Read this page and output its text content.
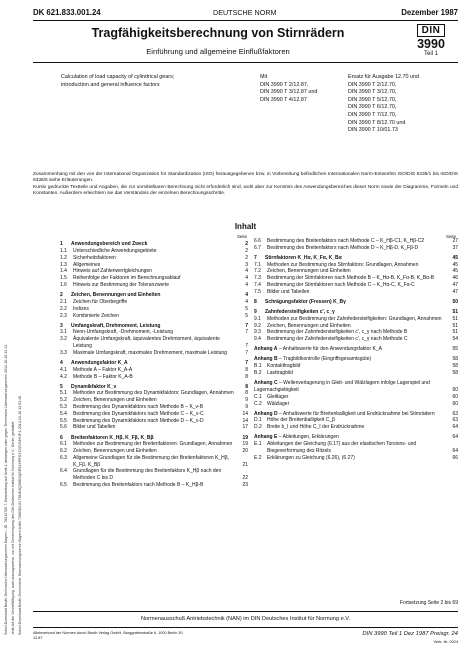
Sofort-Download Beuth-Technische Uberwachungsverein Bayern - ID: 76012700 7. Bearbeitung auf Seite 1 deswegen oder gegen Technische Uberwachungsverein 2012-10-19 12 43 Jede Art der Vervielfältigung, auch auszugsweise, nur mit Genehmigung des DIN Deutsches Institut für Normung e.V., Berlin, gestattet. Sofort-Download-Beuth-Technischer Überwachungsverein Bayern-KdNr.7366383-ID.T8NE2Q3WB3QSR94XPRSYZ4GVNHUF.4-2013-10-16 13:51:48
DK 621.833.001.24	DEUTSCHE NORM	Dezember 1987
Tragfähigkeitsberechnung von Stirnrädern
Einführung und allgemeine Einflußfaktoren
DIN
3990
Teil 1
Calculation of load capacity of cylindrical gears;
introduction and general influence factors
Mit
DIN 3990 T 2/12.87,
DIN 3990 T 3/12.87 und
DIN 3990 T 4/12.87
Ersatz für Ausgabe 12.70 und
DIN 3990 T 2/12.70,
DIN 3990 T 3/12.70,
DIN 3990 T 5/12.70,
DIN 3990 T 6/12.70,
DIN 3990 T 7/12.70,
DIN 3990 T 8/12.70 und
DIN 3990 T 10/01.73

Zusammenhang mit den von der International Organization for Standardization (ISO) herausgegebenen bzw. in Vorbereitung befindlichen Internationalen Norm-Entwürfen ISO/DIS 6336/1 bis ISO/DIS 6336/5 siehe Erläuterungen.

Kursiv gedruckte Textteile und Angaben, die zur unmittelbaren Berechnung nicht erforderlich sind, wohl aber zur Kenntnis des Anwendungsbereiches dieser Norm sowie der Diagramme, Formeln und Konstanten. Außerdem erleichtern sie das Verständnis der einzelnen Berechnungsschritte.

Inhalt
Seite	Seite
1	Anwendungsbereich und Zweck	2
1.1	Unterschiedliche Anwendungsgebiete	2
1.2	Sicherheitsfaktoren	2
1.3	Allgemeines	3
1.4	Hinweis auf Zahlenwertgleichungen	4
1.5	Reihenfolge der Faktoren im Berechnungsablauf	4
1.6	Hinweis zur Bestimmung der Toleranzwerte	4
2	Zeichen, Benennungen und Einheiten	4
2.1	Zeichen für Oberbegriffe	4
2.2	Indizes	5
2.3	Kombinierte Zeichen	5
3	Umfangskraft, Drehmoment, Leistung	7
3.1	Nenn-Umfangskraft, -Drehmoment, -Leistung	7
3.2	Äquivalente Umfangskraft, äquivalentes Drehmoment, äquivalente Leistung	7
3.3	Maximale Umfangskraft, maximales Drehmoment, maximale Leistung	7
4	Anwendungsfaktor K_A	7
4.1	Methode A – Faktor K_A-A	8
4.2	Methode B – Faktor K_A-B	8
5	Dynamikfaktor K_v	8
5.1	Methoden zur Bestimmung des Dynamikfaktors: Grundlagen, Annahmen	8
5.2	Zeichen, Benennungen und Einheiten	9
5.3	Bestimmung des Dynamikfaktors nach Methode B – K_v-B	9
5.4	Bestimmung des Dynamikfaktors nach Methode C – K_v-C	14
5.5	Bestimmung des Dynamikfaktors nach Methode D – K_v-D	14
5.6	Bilder und Tabellen	17
6	Breitenfaktoren K_Hβ, K_Fβ, K_Bβ	19
6.1	Methoden zur Bestimmung der Breitenfaktoren: Grundlagen, Annahmen	19
6.2	Zeichen, Benennungen und Einheiten	20
6.3	Allgemeine Grundlagen für die Bestimmung der Breitenfaktoren K_Hβ, K_Fβ, K_Bβ	21
6.4	Grundlagen für die Bestimmung des Breitenfaktors K_Hβ nach den Methoden C bis D	22
6.5	Bestimmung des Breitenfaktors nach Methode B – K_Hβ-B	23
6.6	Bestimmung des Breitenfaktors nach Methode C – K_Hβ-C1, K_Hβ-C2	27
6.7	Bestimmung des Breitenfaktors nach Methode D – K_Hβ-D, K_Fβ-D	37
7	Stirnfaktoren K_Hα, K_Fα, K_Bα	45
7.1	Methoden zur Bestimmung des Stirnfaktors: Grundlagen, Annahmen	45
7.2	Zeichen, Benennungen und Einheiten	45
7.3	Bestimmung der Stirnfaktoren nach Methode B – K_Hα-B, K_Fα-B, K_Bα-B	46
7.4	Bestimmung der Stirnfaktoren nach Methode C – K_Hα-C, K_Fα-C	47
7.5	Bilder und Tabellen	47
8	Schrägungsfaktor (Fressen) K_Bγ	50
9	Zahnfedersteifigkeiten c', c_γ	51
9.1	Methoden zur Bestimmung der Zahnfedersteifigkeiten: Grundlagen, Annahmen	51
9.2	Zeichen, Benennungen und Einheiten	51
9.3	Bestimmung der Zahnfedersteifigkeiten c', c_γ nach Methode B	51
9.4	Bestimmung der Zahnfedersteifigkeiten c', c_γ nach Methode C	54
Anhang A – Anhaltswerte für den Anwendungsfaktor K_A	55
Anhang B – Tragbildkontrolle (Eingriffsgesamtsgüte)	58
B.1	Kontakttragbild	58
B.2	Lasttragbild	58
Anhang C – Wellenverlagerung in Gleit- und Wälzlagern infolge Lagerspiel und Lagernachgiebigkeit	60
C.1	Gleitlager	60
C.2	Wälzlager	60
Anhang D – Anhaltswerte für Breitenballigkeit und Endrücknahme bei Stirnrädern	63
D.1	Höhe der Breitenballigkeit C_β	63
D.2	Breite b_I und Höhe C_I der Endrücknahme	64
Anhang E – Ableitungen, Erklärungen	64
E.1	Ableitungen der Gleichung (6.17) aus der elastischen Torsions- und Biegeverformung des Ritzels	64
E.2	Erklärungen zu Gleichung (6.26), (6.27)	66
Fortsetzung Seite 2 bis 69
Normenausschuß Antriebstechnik (NAN) im DIN Deutsches Institut für Normung e.V.
Alleinverkauf der Normen durch Beuth Verlag GmbH, Burggrafenstraße 6, 1000 Berlin 30
12.87
DIN 3990 Teil 1 Dez 1987 Preisgr. 24
Vertr.-Nr. 0024
